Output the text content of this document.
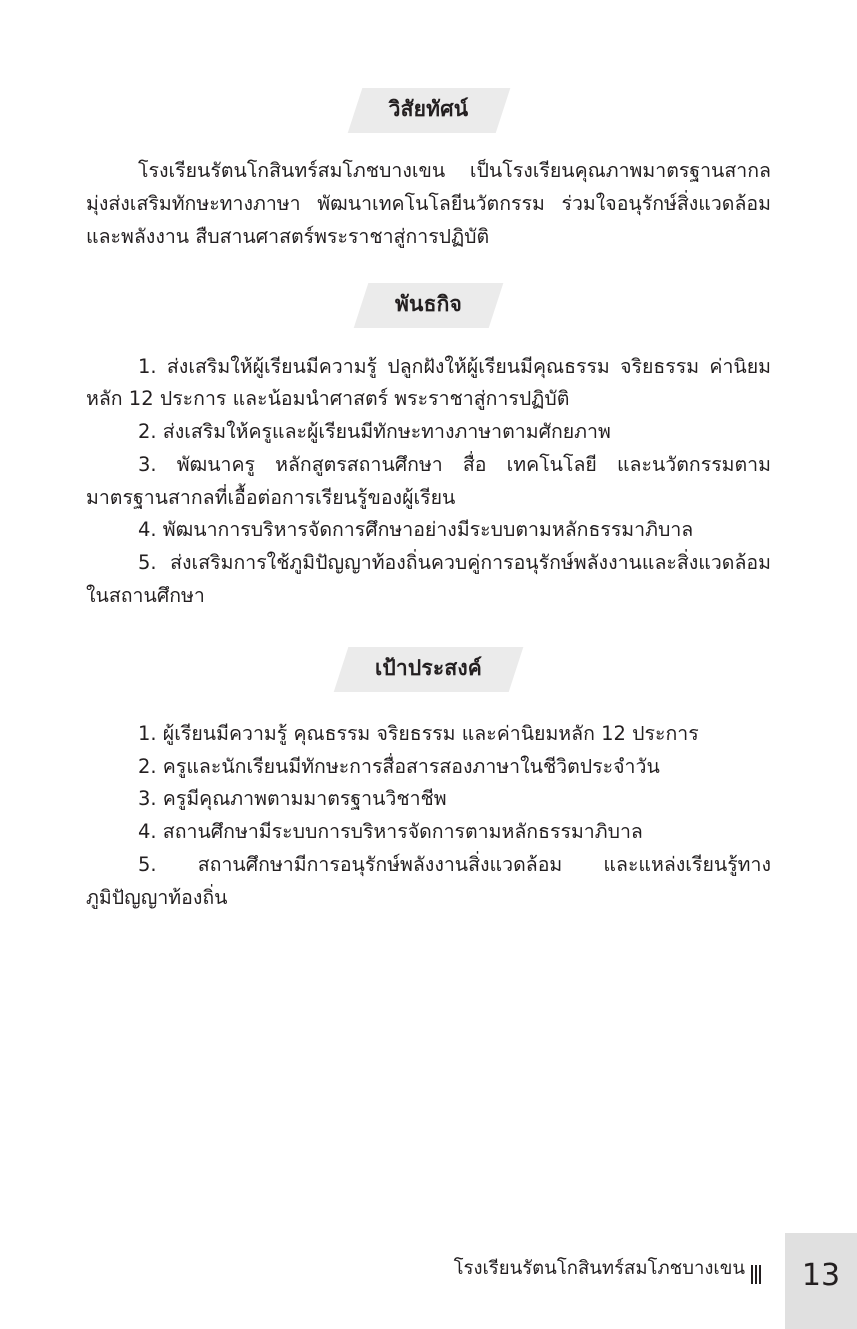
วิสัยทัศน์

โรงเรียนรัตนโกสินทร์สมโภชบางเขน เป็นโรงเรียนคุณภาพมาตรฐานสากล มุ่งส่งเสริมทักษะทางภาษา พัฒนาเทคโนโลยีนวัตกรรม ร่วมใจอนุรักษ์สิ่งแวดล้อมและพลังงาน สืบสานศาสตร์พระราชาสู่การปฏิบัติ

พันธกิจ
1. ส่งเสริมให้ผู้เรียนมีความรู้ ปลูกฝังให้ผู้เรียนมีคุณธรรม จริยธรรม ค่านิยมหลัก 12 ประการ และน้อมนำศาสตร์ พระราชาสู่การปฏิบัติ
2. ส่งเสริมให้ครูและผู้เรียนมีทักษะทางภาษาตามศักยภาพ
3. พัฒนาครู หลักสูตรสถานศึกษา สื่อ เทคโนโลยี และนวัตกรรมตามมาตรฐานสากลที่เอื้อต่อการเรียนรู้ของผู้เรียน
4. พัฒนาการบริหารจัดการศึกษาอย่างมีระบบตามหลักธรรมาภิบาล
5. ส่งเสริมการใช้ภูมิปัญญาท้องถิ่นควบคู่การอนุรักษ์พลังงานและสิ่งแวดล้อมในสถานศึกษา
เป้าประสงค์
1. ผู้เรียนมีความรู้ คุณธรรม จริยธรรม และค่านิยมหลัก 12 ประการ
2. ครูและนักเรียนมีทักษะการสื่อสารสองภาษาในชีวิตประจำวัน
3. ครูมีคุณภาพตามมาตรฐานวิชาชีพ
4. สถานศึกษามีระบบการบริหารจัดการตามหลักธรรมาภิบาล
5. สถานศึกษามีการอนุรักษ์พลังงานสิ่งแวดล้อม และแหล่งเรียนรู้ทางภูมิปัญญาท้องถิ่น
โรงเรียนรัตนโกสินทร์สมโภชบางเขน 13
